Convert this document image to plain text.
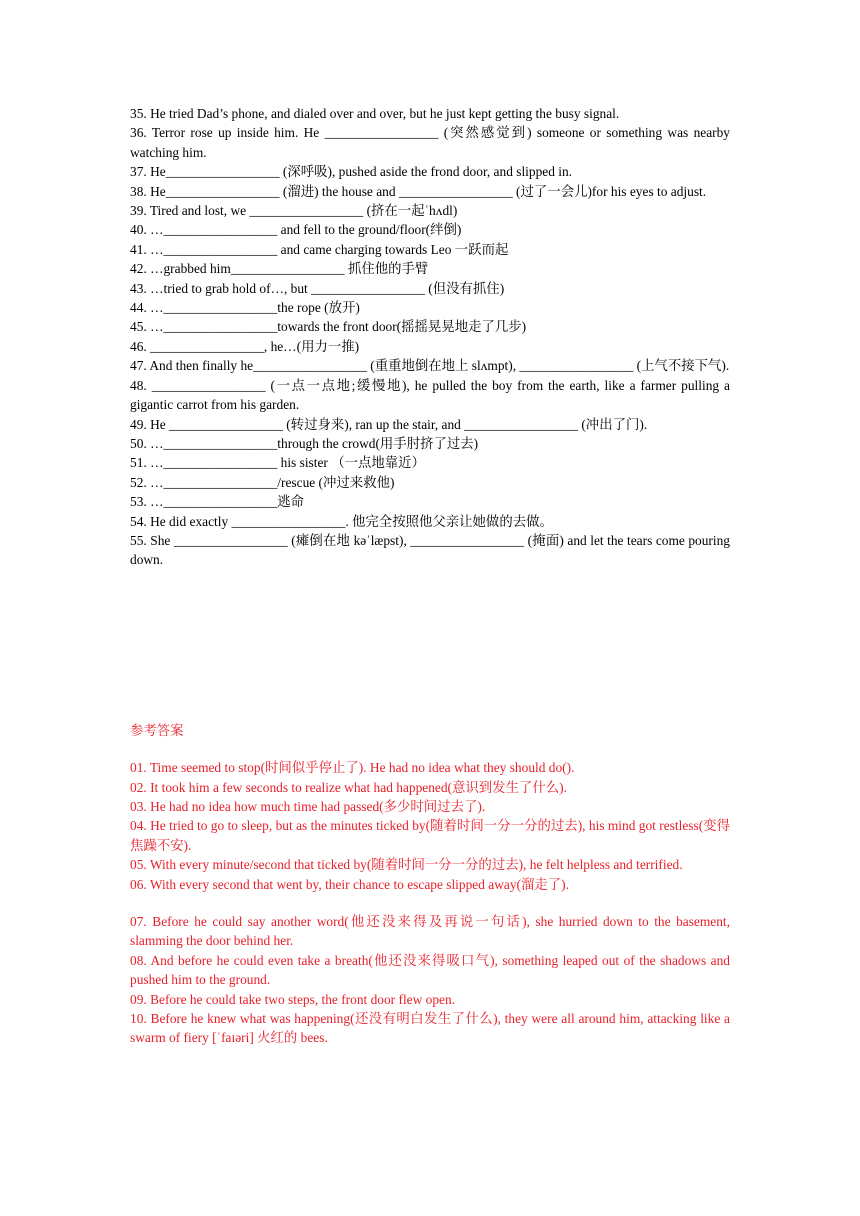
35. He tried Dad’s phone, and dialed over and over, but he just kept getting the busy signal.
36. Terror rose up inside him. He _________________ (突然感觉到) someone or something was nearby watching him.
37. He_________________ (深呼吸), pushed aside the frond door, and slipped in.
38. He_________________ (溜进) the house and _________________ (过了一会儿)for his eyes to adjust.
39. Tired and lost, we _________________ (挤在一起ˈhʌdl)
40. …_________________ and fell to the ground/floor(绊倒)
41. …_________________ and came charging towards Leo 一跃而起
42. …grabbed him_________________ 抓住他的手臂
43. …tried to grab hold of…, but _________________ (但没有抓住)
44. …_________________the rope (放开)
45. …_________________towards the front door(摇摇晃晃地走了几步)
46. _________________, he…(用力一推)
47. And then finally he_________________ (重重地倒在地上 slʌmpt), _________________ (上气不接下气).
48. _________________ (一点一点地;缓慢地), he pulled the boy from the earth, like a farmer pulling a gigantic carrot from his garden.
49. He _________________ (转过身来), ran up the stair, and _________________ (冲出了门).
50. …_________________through the crowd(用手肘挤了过去)
51. …_________________ his sister （一点地靠近）
52. …_________________/rescue (冲过来救他)
53. …_________________逃命
54. He did exactly _________________. 他完全按照他父亲让她做的去做。
55. She _________________ (瘫倒在地 kəˈlæpst), _________________ (掩面) and let the tears come pouring down.
参考答案
01. Time seemed to stop(时间似乎停止了). He had no idea what they should do().
02. It took him a few seconds to realize what had happened(意识到发生了什么).
03. He had no idea how much time had passed(多少时间过去了).
04. He tried to go to sleep, but as the minutes ticked by(随着时间一分一分的过去), his mind got restless(变得焦躁不安).
05. With every minute/second that ticked by(随着时间一分一分的过去), he felt helpless and terrified.
06. With every second that went by, their chance to escape slipped away(溜走了).
07. Before he could say another word(他还没来得及再说一句话), she hurried down to the basement, slamming the door behind her.
08. And before he could even take a breath(他还没来得吸口气), something leaped out of the shadows and pushed him to the ground.
09. Before he could take two steps, the front door flew open.
10. Before he knew what was happening(还没有明白发生了什么), they were all around him, attacking like a swarm of fiery [ˈfaɪəri] 火红的 bees.
